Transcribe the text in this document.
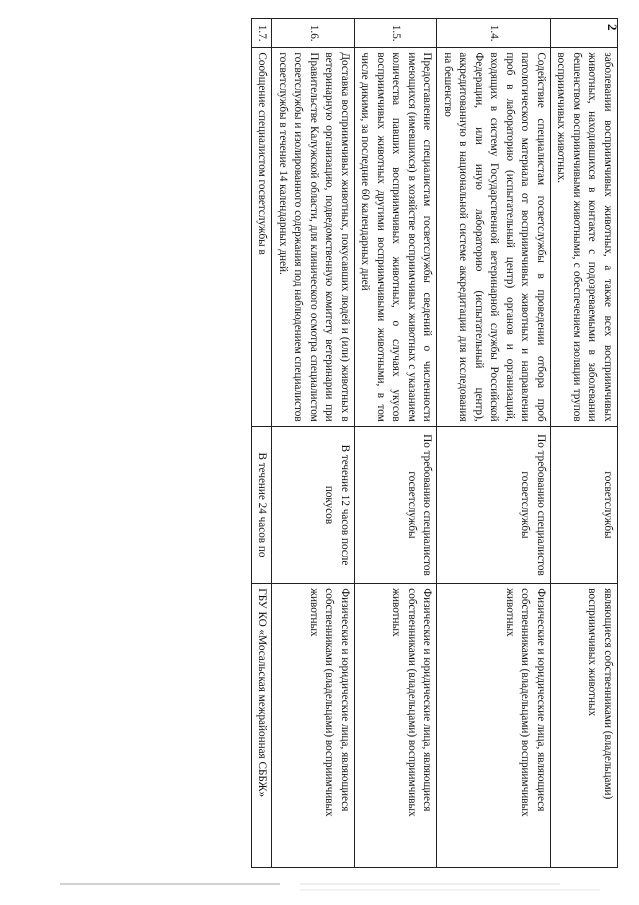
2
	заболевании восприимчивых животных, а также всех восприимчивых животных, находившихся в контакте с подозреваемыми в заболевании бешенством восприимчивыми животными, с обеспечением изоляции трупов восприимчивых животных.	госветслужбы	являющиеся собственниками (владельцами) восприимчивых животных
1.4.	Содействие специалистам госветслужбы в проведении отбора проб патологического материала от восприимчивых животных и направлении проб в лабораторию (испытательный центр) органов и организаций, входящих в систему Государственной ветеринарной службы Российской Федерации, или иную лабораторию (испытательный центр), аккредитованную в национальной системе аккредитации для исследования на бешенство	По требованию специалистов госветслужбы	Физические и юридические лица, являющиеся собственниками (владельцами) восприимчивых животных
1.5.	Предоставление специалистам госветслужбы сведений о численности имеющихся (имевшихся) в хозяйстве восприимчивых животных с указанием количества павших восприимчивых животных, о случаях укусов восприимчивых животных другими восприимчивыми животными, в том числе дикими, за последние 60 календарных дней	По требованию специалистов госветслужбы	Физические и юридические лица, являющиеся собственниками (владельцами) восприимчивых животных
1.6.	Доставка восприимчивых животных, покусавших людей и (или) животных в ветеринарную организацию, подведомственную комитету ветеринарии при Правительстве Калужской области, для клинического осмотра специалистом госветслужбы и изолированного содержания под наблюдением специалистов госветслужбы в течение 14 календарных дней.	В течение 12 часов после покусов	Физические и юридические лица, являющиеся собственниками (владельцами) восприимчивых животных
1.7.	Сообщение специалистом госветслужбы в	В течение 24 часов по	ГБУ КО «Мосальская межрайонная СББЖ»
